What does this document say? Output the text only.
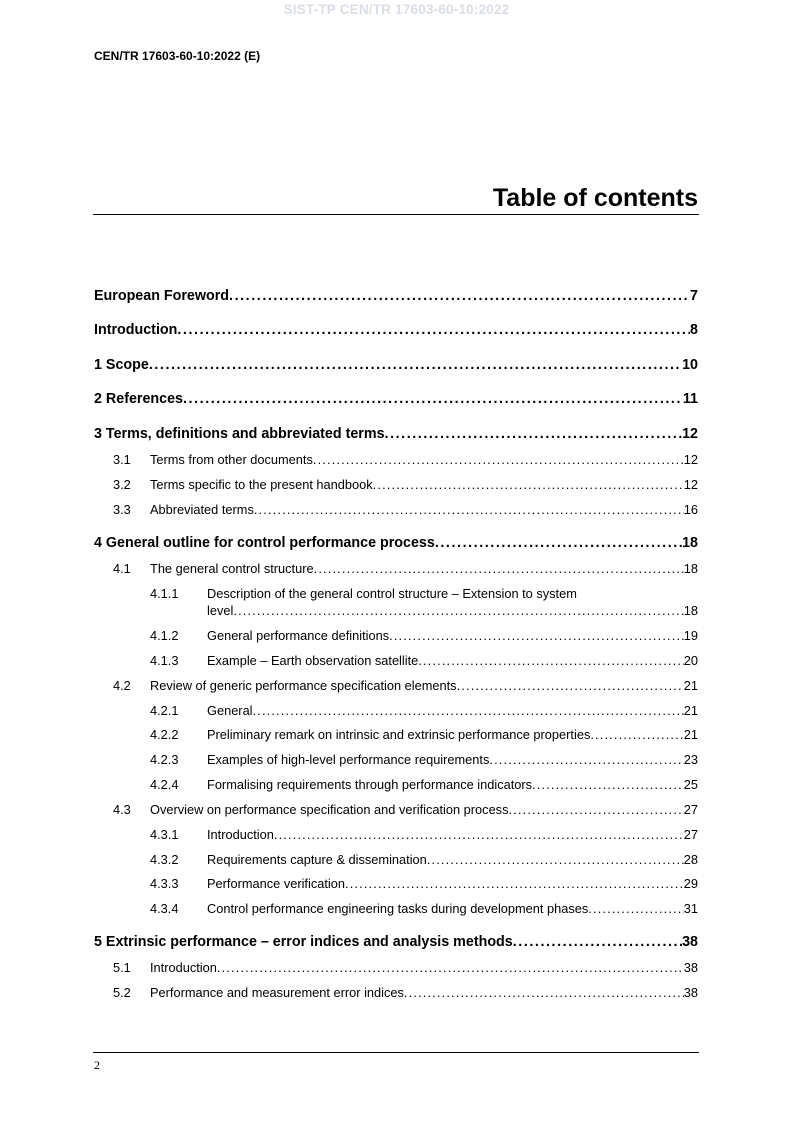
SIST-TP CEN/TR 17603-60-10:2022
CEN/TR 17603-60-10:2022 (E)
Table of contents
European Foreword . . .	7
Introduction . . .	8
1 Scope . . .	10
2 References . . .	11
3 Terms, definitions and abbreviated terms . . .	12
3.1	Terms from other documents . . .	12
3.2	Terms specific to the present handbook . . .	12
3.3	Abbreviated terms . . .	16
4 General outline for control performance process . . .	18
4.1	The general control structure . . .	18
4.1.1 Description of the general control structure – Extension to system
level . . .	18
4.1.2	General performance definitions . . .	19
4.1.3	Example – Earth observation satellite . . .	20
4.2	Review of generic performance specification elements . . .	21
4.2.1	General . . .	21
4.2.2	Preliminary remark on intrinsic and extrinsic performance properties . . .	21
4.2.3	Examples of high-level performance requirements . . .	23
4.2.4	Formalising requirements through performance indicators . . .	25
4.3	Overview on performance specification and verification process . . .	27
4.3.1	Introduction . . .	27
4.3.2	Requirements capture & dissemination . . .	28
4.3.3	Performance verification . . .	29
4.3.4	Control performance engineering tasks during development phases . . .	31
5 Extrinsic performance – error indices and analysis methods . . .	38
5.1	Introduction . . .	38
5.2	Performance and measurement error indices . . .	38
2
